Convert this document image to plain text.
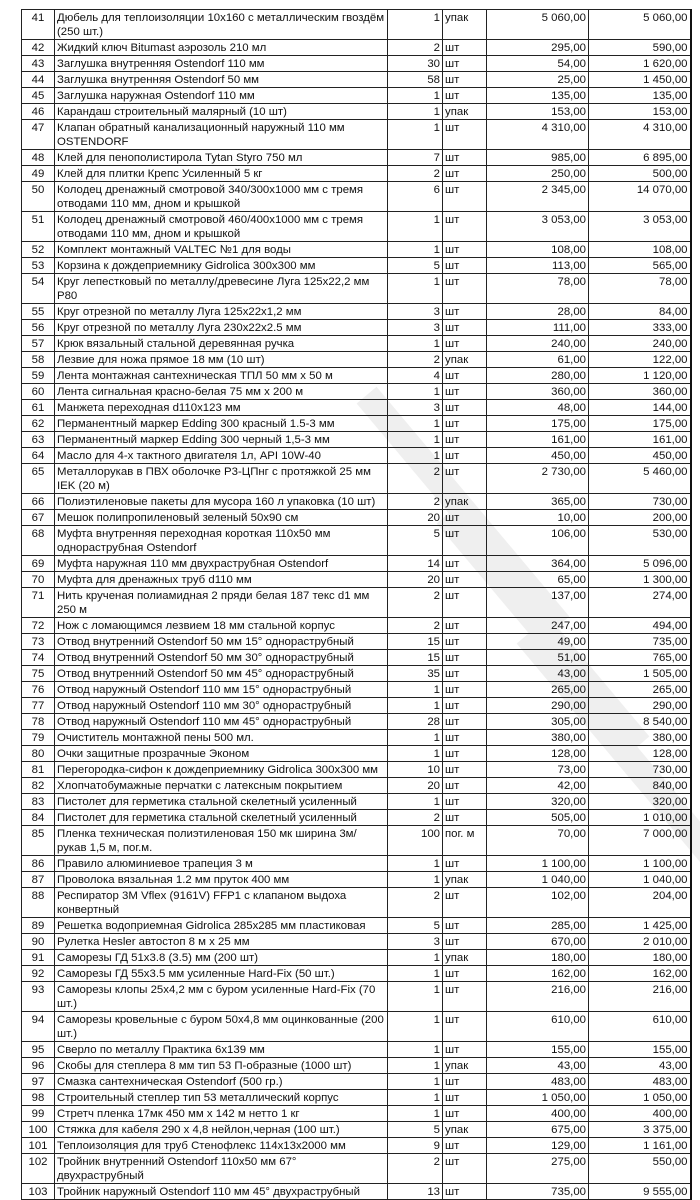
41	Дюбель для теплоизоляции 10х160 с металлическим гвоздём (250 шт.)	1	упак	5 060,00	5 060,00
42	Жидкий ключ Bitumast аэрозоль 210 мл	2	шт	295,00	590,00
43	Заглушка внутренняя Ostendorf 110 мм	30	шт	54,00	1 620,00
44	Заглушка внутренняя Ostendorf 50 мм	58	шт	25,00	1 450,00
45	Заглушка наружная Ostendorf 110 мм	1	шт	135,00	135,00
46	Карандаш строительный малярный (10 шт)	1	упак	153,00	153,00
47	Клапан обратный канализационный наружный 110 мм OSTENDORF	1	шт	4 310,00	4 310,00
48	Клей для пенополистирола Tytan Styro 750 мл	7	шт	985,00	6 895,00
49	Клей для плитки Крепс Усиленный 5 кг	2	шт	250,00	500,00
50	Колодец дренажный смотровой 340/300х1000 мм с тремя отводами 110 мм, дном и крышкой	6	шт	2 345,00	14 070,00
51	Колодец дренажный смотровой 460/400х1000 мм с тремя отводами 110 мм, дном и крышкой	1	шт	3 053,00	3 053,00
52	Комплект монтажный VALTEC №1 для воды	1	шт	108,00	108,00
53	Корзина к дождеприемнику Gidrolica 300х300 мм	5	шт	113,00	565,00
54	Круг лепестковый по металлу/древесине Луга 125х22,2 мм Р80	1	шт	78,00	78,00
55	Круг отрезной по металлу Луга 125х22х1,2 мм	3	шт	28,00	84,00
56	Круг отрезной по металлу Луга 230х22х2.5 мм	3	шт	111,00	333,00
57	Крюк вязальный стальной деревянная ручка	1	шт	240,00	240,00
58	Лезвие для ножа прямое 18 мм (10 шт)	2	упак	61,00	122,00
59	Лента монтажная сантехническая ТПЛ 50 мм х 50 м	4	шт	280,00	1 120,00
60	Лента сигнальная красно-белая 75 мм х 200 м	1	шт	360,00	360,00
61	Манжета переходная d110х123 мм	3	шт	48,00	144,00
62	Перманентный маркер Edding 300 красный 1.5-3 мм	1	шт	175,00	175,00
63	Перманентный маркер Edding 300 черный 1,5-3 мм	1	шт	161,00	161,00
64	Масло для 4-х тактного двигателя 1л, API 10W-40	1	шт	450,00	450,00
65	Металлорукав в ПВХ оболочке Р3-ЦПнг с протяжкой 25 мм IEK (20 м)	2	шт	2 730,00	5 460,00
66	Полиэтиленовые пакеты для мусора 160 л упаковка (10 шт)	2	упак	365,00	730,00
67	Мешок полипропиленовый зеленый 50х90 см	20	шт	10,00	200,00
68	Муфта внутренняя переходная короткая 110х50 мм однораструбная Ostendorf	5	шт	106,00	530,00
69	Муфта наружная 110 мм двухраструбная Ostendorf	14	шт	364,00	5 096,00
70	Муфта для дренажных труб d110 мм	20	шт	65,00	1 300,00
71	Нить крученая полиамидная 2 пряди белая 187 текс d1 мм 250 м	2	шт	137,00	274,00
72	Нож с ломающимся лезвием 18 мм стальной корпус	2	шт	247,00	494,00
73	Отвод внутренний Ostendorf 50 мм 15° однораструбный	15	шт	49,00	735,00
74	Отвод внутренний Ostendorf 50 мм 30° однораструбный	15	шт	51,00	765,00
75	Отвод внутренний Ostendorf 50 мм 45° однораструбный	35	шт	43,00	1 505,00
76	Отвод наружный Ostendorf 110 мм 15° однораструбный	1	шт	265,00	265,00
77	Отвод наружный Ostendorf 110 мм 30° однораструбный	1	шт	290,00	290,00
78	Отвод наружный Ostendorf 110 мм 45° однораструбный	28	шт	305,00	8 540,00
79	Очиститель монтажной пены 500 мл.	1	шт	380,00	380,00
80	Очки защитные прозрачные Эконом	1	шт	128,00	128,00
81	Перегородка-сифон к дождеприемнику Gidrolica 300х300 мм	10	шт	73,00	730,00
82	Хлопчатобумажные перчатки с латексным покрытием	20	шт	42,00	840,00
83	Пистолет для герметика стальной скелетный усиленный	1	шт	320,00	320,00
84	Пистолет для герметика стальной скелетный усиленный	2	шт	505,00	1 010,00
85	Пленка техническая полиэтиленовая 150 мк ширина 3м/ рукав 1,5 м, пог.м.	100	пог. м	70,00	7 000,00
86	Правило алюминиевое трапеция 3 м	1	шт	1 100,00	1 100,00
87	Проволока вязальная 1.2 мм пруток 400 мм	1	упак	1 040,00	1 040,00
88	Респиратор 3M Vflex (9161V) FFP1 с клапаном выдоха конвертный	2	шт	102,00	204,00
89	Решетка водоприемная Gidrolica 285х285 мм пластиковая	5	шт	285,00	1 425,00
90	Рулетка Hesler автостоп 8 м х 25 мм	3	шт	670,00	2 010,00
91	Саморезы ГД 51х3.8 (3.5) мм (200 шт)	1	упак	180,00	180,00
92	Саморезы ГД 55х3.5 мм усиленные Hard-Fix (50 шт.)	1	шт	162,00	162,00
93	Саморезы клопы 25х4,2 мм с буром усиленные Hard-Fix (70 шт.)	1	шт	216,00	216,00
94	Саморезы кровельные с буром 50х4,8 мм оцинкованные (200 шт.)	1	шт	610,00	610,00
95	Сверло по металлу Практика 6х139 мм	1	шт	155,00	155,00
96	Скобы для степлера 8 мм тип 53 П-образные (1000 шт)	1	упак	43,00	43,00
97	Смазка сантехническая Ostendorf (500 гр.)	1	шт	483,00	483,00
98	Строительный степлер тип 53 металлический корпус	1	шт	1 050,00	1 050,00
99	Стретч пленка 17мк 450 мм х 142 м нетто 1 кг	1	шт	400,00	400,00
100	Стяжка для кабеля 290 х 4,8 нейлон,черная (100 шт.)	5	упак	675,00	3 375,00
101	Теплоизоляция для труб Стенофлекс 114х13х2000 мм	9	шт	129,00	1 161,00
102	Тройник внутренний Ostendorf 110х50 мм 67° двухраструбный	2	шт	275,00	550,00
103	Тройник наружный Ostendorf 110 мм 45° двухраструбный	13	шт	735,00	9 555,00
